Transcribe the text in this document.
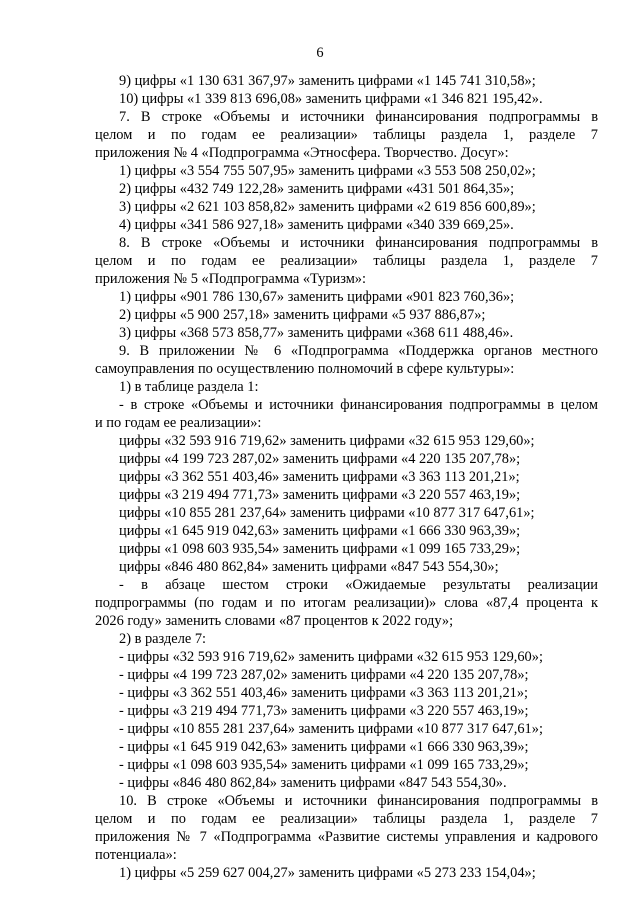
6
9) цифры «1 130 631 367,97» заменить цифрами «1 145 741 310,58»;
10) цифры «1 339 813 696,08» заменить цифрами «1 346 821 195,42».
7. В строке «Объемы и источники финансирования подпрограммы в
целом и по годам ее реализации» таблицы раздела 1, разделе 7
приложения № 4 «Подпрограмма «Этносфера. Творчество. Досуг»:
1) цифры «3 554 755 507,95» заменить цифрами «3 553 508 250,02»;
2) цифры «432 749 122,28» заменить цифрами «431 501 864,35»;
3) цифры «2 621 103 858,82» заменить цифрами «2 619 856 600,89»;
4) цифры «341 586 927,18» заменить цифрами «340 339 669,25».
8. В строке «Объемы и источники финансирования подпрограммы в
целом и по годам ее реализации» таблицы раздела 1, разделе 7
приложения № 5 «Подпрограмма «Туризм»:
1) цифры «901 786 130,67» заменить цифрами «901 823 760,36»;
2) цифры «5 900 257,18» заменить цифрами «5 937 886,87»;
3) цифры «368 573 858,77» заменить цифрами «368 611 488,46».
9. В приложении № 6 «Подпрограмма «Поддержка органов местного
самоуправления по осуществлению полномочий в сфере культуры»:
1) в таблице раздела 1:
- в строке «Объемы и источники финансирования подпрограммы в целом
и по годам ее реализации»:
цифры «32 593 916 719,62» заменить цифрами «32 615 953 129,60»;
цифры «4 199 723 287,02» заменить цифрами «4 220 135 207,78»;
цифры «3 362 551 403,46» заменить цифрами «3 363 113 201,21»;
цифры «3 219 494 771,73» заменить цифрами «3 220 557 463,19»;
цифры «10 855 281 237,64» заменить цифрами «10 877 317 647,61»;
цифры «1 645 919 042,63» заменить цифрами «1 666 330 963,39»;
цифры «1 098 603 935,54» заменить цифрами «1 099 165 733,29»;
цифры «846 480 862,84» заменить цифрами «847 543 554,30»;
- в абзаце шестом строки «Ожидаемые результаты реализации
подпрограммы (по годам и по итогам реализации)» слова «87,4 процента к
2026 году» заменить словами «87 процентов к 2022 году»;
2) в разделе 7:
- цифры «32 593 916 719,62» заменить цифрами «32 615 953 129,60»;
- цифры «4 199 723 287,02» заменить цифрами «4 220 135 207,78»;
- цифры «3 362 551 403,46» заменить цифрами «3 363 113 201,21»;
- цифры «3 219 494 771,73» заменить цифрами «3 220 557 463,19»;
- цифры «10 855 281 237,64» заменить цифрами «10 877 317 647,61»;
- цифры «1 645 919 042,63» заменить цифрами «1 666 330 963,39»;
- цифры «1 098 603 935,54» заменить цифрами «1 099 165 733,29»;
- цифры «846 480 862,84» заменить цифрами «847 543 554,30».
10. В строке «Объемы и источники финансирования подпрограммы в
целом и по годам ее реализации» таблицы раздела 1, разделе 7
приложения № 7 «Подпрограмма «Развитие системы управления и кадрового
потенциала»:
1) цифры «5 259 627 004,27» заменить цифрами «5 273 233 154,04»;
